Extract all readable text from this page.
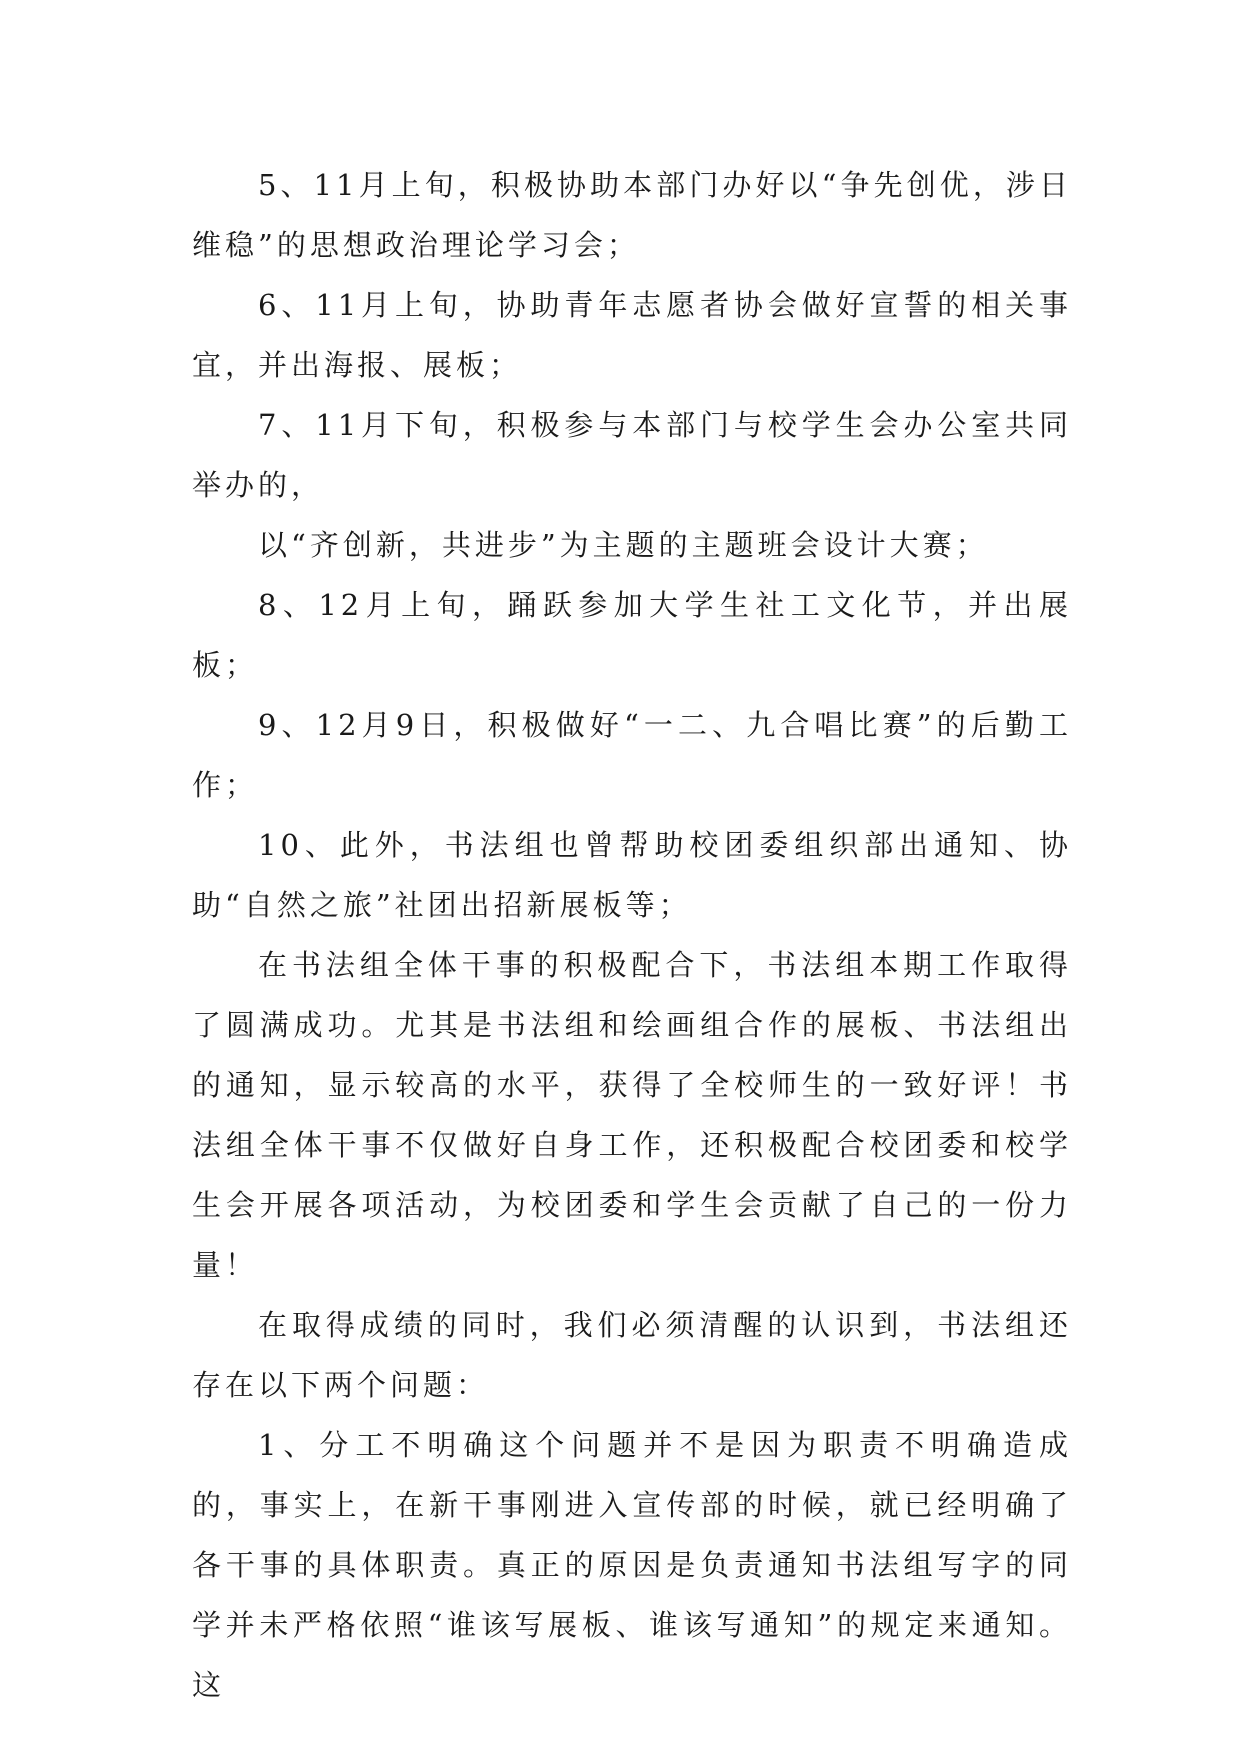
5、11月上旬，积极协助本部门办好以“争先创优，涉日维稳”的思想政治理论学习会；

6、11月上旬，协助青年志愿者协会做好宣誓的相关事宜，并出海报、展板；

7、11月下旬，积极参与本部门与校学生会办公室共同举办的，

以“齐创新，共进步”为主题的主题班会设计大赛；

8、12月上旬，踊跃参加大学生社工文化节，并出展板；

9、12月9日，积极做好“一二、九合唱比赛”的后勤工作；

10、此外，书法组也曾帮助校团委组织部出通知、协助“自然之旅”社团出招新展板等；

在书法组全体干事的积极配合下，书法组本期工作取得了圆满成功。尤其是书法组和绘画组合作的展板、书法组出的通知，显示较高的水平，获得了全校师生的一致好评！书法组全体干事不仅做好自身工作，还积极配合校团委和校学生会开展各项活动，为校团委和学生会贡献了自己的一份力量！

在取得成绩的同时，我们必须清醒的认识到，书法组还存在以下两个问题：

1、分工不明确这个问题并不是因为职责不明确造成的，事实上，在新干事刚进入宣传部的时候，就已经明确了各干事的具体职责。真正的原因是负责通知书法组写字的同学并未严格依照“谁该写展板、谁该写通知”的规定来通知。这
